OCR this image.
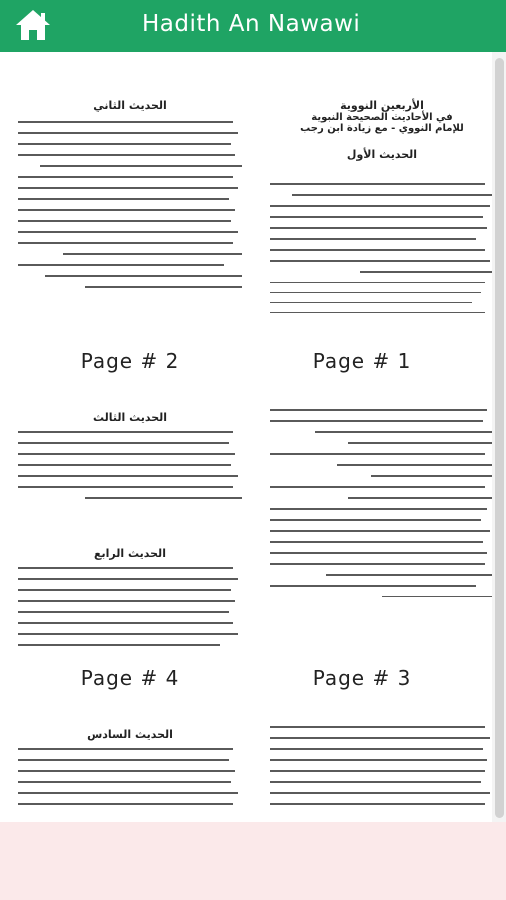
Hadith An Nawawi
الأربعين النووية
في الأحاديث الصحيحة النبوية
للإمام النووي - مع زيادة ابن رجب
الحديث الأول
Page # 1
الحديث الثاني
Page # 2
Page # 3
الحديث الثالث
الحديث الرابع
Page # 4
الحديث السادس
